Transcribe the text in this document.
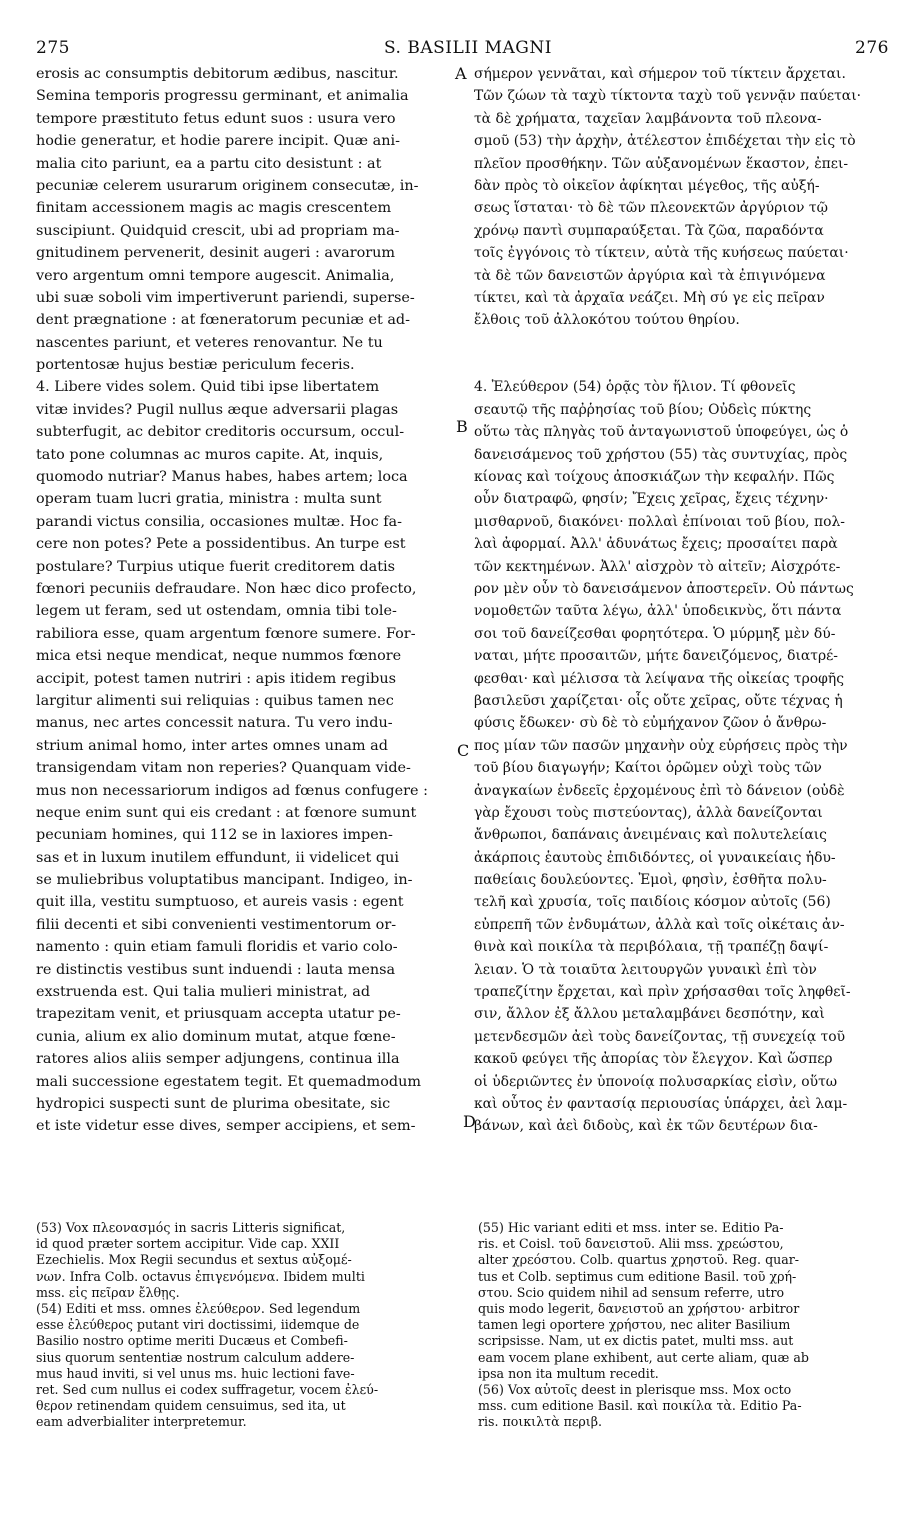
275	S. BASILII MAGNI	276
A
B
C
D
erosis ac consumptis debitorum ædibus, nascitur.
Semina temporis progressu germinant, et animalia
tempore præstituto fetus edunt suos : usura vero
hodie generatur, et hodie parere incipit. Quæ ani-
malia cito pariunt, ea a partu cito desistunt : at
pecuniæ celerem usurarum originem consecutæ, in-
finitam accessionem magis ac magis crescentem
suscipiunt. Quidquid crescit, ubi ad propriam ma-
gnitudinem pervenerit, desinit augeri : avarorum
vero argentum omni tempore augescit. Animalia,
ubi suæ soboli vim impertiverunt pariendi, superse-
dent prægnatione : at fœneratorum pecuniæ et ad-
nascentes pariunt, et veteres renovantur. Ne tu
portentosæ hujus bestiæ periculum feceris.
4. Libere vides solem. Quid tibi ipse libertatem
vitæ invides? Pugil nullus æque adversarii plagas
subterfugit, ac debitor creditoris occursum, occul-
tato pone columnas ac muros capite. At, inquis,
quomodo nutriar? Manus habes, habes artem; loca
operam tuam lucri gratia, ministra : multa sunt
parandi victus consilia, occasiones multæ. Hoc fa-
cere non potes? Pete a possidentibus. An turpe est
postulare? Turpius utique fuerit creditorem datis
fœnori pecuniis defraudare. Non hæc dico profecto,
legem ut feram, sed ut ostendam, omnia tibi tole-
rabiliora esse, quam argentum fœnore sumere. For-
mica etsi neque mendicat, neque nummos fœnore
accipit, potest tamen nutriri : apis itidem regibus
largitur alimenti sui reliquias : quibus tamen nec
manus, nec artes concessit natura. Tu vero indu-
strium animal homo, inter artes omnes unam ad
transigendam vitam non reperies? Quanquam vide-
mus non necessariorum indigos ad fœnus confugere :
neque enim sunt qui eis credant : at fœnore sumunt
pecuniam homines, qui 112 se in laxiores impen-
sas et in luxum inutilem effundunt, ii videlicet qui
se muliebribus voluptatibus mancipant. Indigeo, in-
quit illa, vestitu sumptuoso, et aureis vasis : egent
filii decenti et sibi convenienti vestimentorum or-
namento : quin etiam famuli floridis et vario colo-
re distinctis vestibus sunt induendi : lauta mensa
exstruenda est. Qui talia mulieri ministrat, ad
trapezitam venit, et priusquam accepta utatur pe-
cunia, alium ex alio dominum mutat, atque fœne-
ratores alios aliis semper adjungens, continua illa
mali successione egestatem tegit. Et quemadmodum
hydropici suspecti sunt de plurima obesitate, sic
et iste videtur esse dives, semper accipiens, et sem-
σήμερον γεννᾶται, καὶ σήμερον τοῦ τίκτειν ἄρχεται.
Τῶν ζώων τὰ ταχὺ τίκτοντα ταχὺ τοῦ γεννᾷν παύεται·
τὰ δὲ χρήματα, ταχεῖαν λαμβάνοντα τοῦ πλεονα-
σμοῦ (53) τὴν ἀρχὴν, ἀτέλεστον ἐπιδέχεται τὴν εἰς τὸ
πλεῖον προσθήκην. Τῶν αὐξανομένων ἕκαστον, ἐπει-
δὰν πρὸς τὸ οἰκεῖον ἀφίκηται μέγεθος, τῆς αὐξή-
σεως ἵσταται· τὸ δὲ τῶν πλεονεκτῶν ἀργύριον τῷ
χρόνῳ παντὶ συμπαραύξεται. Τὰ ζῶα, παραδόντα
τοῖς ἐγγόνοις τὸ τίκτειν, αὐτὰ τῆς κυήσεως παύεται·
τὰ δὲ τῶν δανειστῶν ἀργύρια καὶ τὰ ἐπιγινόμενα
τίκτει, καὶ τὰ ἀρχαῖα νεάζει. Μὴ σύ γε εἰς πεῖραν
ἔλθοις τοῦ ἀλλοκότου τούτου θηρίου.
4. Ἐλεύθερον (54) ὁρᾷς τὸν ἥλιον. Τί φθονεῖς
σεαυτῷ τῆς παῤῥησίας τοῦ βίου; Οὐδεὶς πύκτης
οὕτω τὰς πληγὰς τοῦ ἀνταγωνιστοῦ ὑποφεύγει, ὡς ὁ
δανεισάμενος τοῦ χρήστου (55) τὰς συντυχίας, πρὸς
κίονας καὶ τοίχους ἀποσκιάζων τὴν κεφαλήν. Πῶς
οὖν διατραφῶ, φησίν; Ἔχεις χεῖρας, ἔχεις τέχνην·
μισθαρνοῦ, διακόνει· πολλαὶ ἐπίνοιαι τοῦ βίου, πολ-
λαὶ ἀφορμαί. Ἀλλ' ἀδυνάτως ἔχεις; προσαίτει παρὰ
τῶν κεκτημένων. Ἀλλ' αἰσχρὸν τὸ αἰτεῖν; Αἰσχρότε-
ρον μὲν οὖν τὸ δανεισάμενον ἀποστερεῖν. Οὐ πάντως
νομοθετῶν ταῦτα λέγω, ἀλλ' ὑποδεικνὺς, ὅτι πάντα
σοι τοῦ δανείζεσθαι φορητότερα. Ὁ μύρμηξ μὲν δύ-
ναται, μήτε προσαιτῶν, μήτε δανειζόμενος, διατρέ-
φεσθαι· καὶ μέλισσα τὰ λείψανα τῆς οἰκείας τροφῆς
βασιλεῦσι χαρίζεται· οἷς οὔτε χεῖρας, οὔτε τέχνας ἡ
φύσις ἔδωκεν· σὺ δὲ τὸ εὐμήχανον ζῶον ὁ ἄνθρω-
πος μίαν τῶν πασῶν μηχανὴν οὐχ εὑρήσεις πρὸς τὴν
τοῦ βίου διαγωγήν; Καίτοι ὁρῶμεν οὐχὶ τοὺς τῶν
ἀναγκαίων ἐνδεεῖς ἐρχομένους ἐπὶ τὸ δάνειον (οὐδὲ
γὰρ ἔχουσι τοὺς πιστεύοντας), ἀλλὰ δανείζονται
ἄνθρωποι, δαπάναις ἀνειμέναις καὶ πολυτελείαις
ἀκάρποις ἑαυτοὺς ἐπιδιδόντες, οἱ γυναικείαις ἡδυ-
παθείαις δουλεύοντες. Ἐμοὶ, φησὶν, ἐσθῆτα πολυ-
τελῆ καὶ χρυσία, τοῖς παιδίοις κόσμον αὐτοῖς (56)
εὐπρεπῆ τῶν ἐνδυμάτων, ἀλλὰ καὶ τοῖς οἰκέταις ἀν-
θινὰ καὶ ποικίλα τὰ περιβόλαια, τῇ τραπέζῃ δαψί-
λειαν. Ὁ τὰ τοιαῦτα λειτουργῶν γυναικὶ ἐπὶ τὸν
τραπεζίτην ἔρχεται, καὶ πρὶν χρήσασθαι τοῖς ληφθεῖ-
σιν, ἄλλον ἐξ ἄλλου μεταλαμβάνει δεσπότην, καὶ
μετενδεσμῶν ἀεὶ τοὺς δανείζοντας, τῇ συνεχείᾳ τοῦ
κακοῦ φεύγει τῆς ἀπορίας τὸν ἔλεγχον. Καὶ ὥσπερ
οἱ ὑδεριῶντες ἐν ὑπονοίᾳ πολυσαρκίας εἰσὶν, οὕτω
καὶ οὗτος ἐν φαντασίᾳ περιουσίας ὑπάρχει, ἀεὶ λαμ-
βάνων, καὶ ἀεὶ διδοὺς, καὶ ἐκ τῶν δευτέρων δια-
(53) Vox πλεονασμός in sacris Litteris significat,
id quod præter sortem accipitur. Vide cap. XXII
Ezechielis. Mox Regii secundus et sextus αὐξομέ-
νων. Infra Colb. octavus ἐπιγενόμενα. Ibidem multi
mss. εἰς πεῖραν ἔλθῃς.
(54) Editi et mss. omnes ἐλεύθερον. Sed legendum
esse ἐλεύθερος putant viri doctissimi, iidemque de
Basilio nostro optime meriti Ducæus et Combefi-
sius quorum sententiæ nostrum calculum addere-
mus haud inviti, si vel unus ms. huic lectioni fave-
ret. Sed cum nullus ei codex suffragetur, vocem ἐλεύ-
θερον retinendam quidem censuimus, sed ita, ut
eam adverbialiter interpretemur.
(55) Hic variant editi et mss. inter se. Editio Pa-
ris. et Coisl. τοῦ δανειστοῦ. Alii mss. χρεώστου,
alter χρεόστου. Colb. quartus χρηστοῦ. Reg. quar-
tus et Colb. septimus cum editione Basil. τοῦ χρή-
στου. Scio quidem nihil ad sensum referre, utro
quis modo legerit, δανειστοῦ an χρήστου· arbitror
tamen legi oportere χρήστου, nec aliter Basilium
scripsisse. Nam, ut ex dictis patet, multi mss. aut
eam vocem plane exhibent, aut certe aliam, quæ ab
ipsa non ita multum recedit.
(56) Vox αὐτοῖς deest in plerisque mss. Mox octo
mss. cum editione Basil. καὶ ποικίλα τὰ. Editio Pa-
ris. ποικιλτὰ περιβ.
